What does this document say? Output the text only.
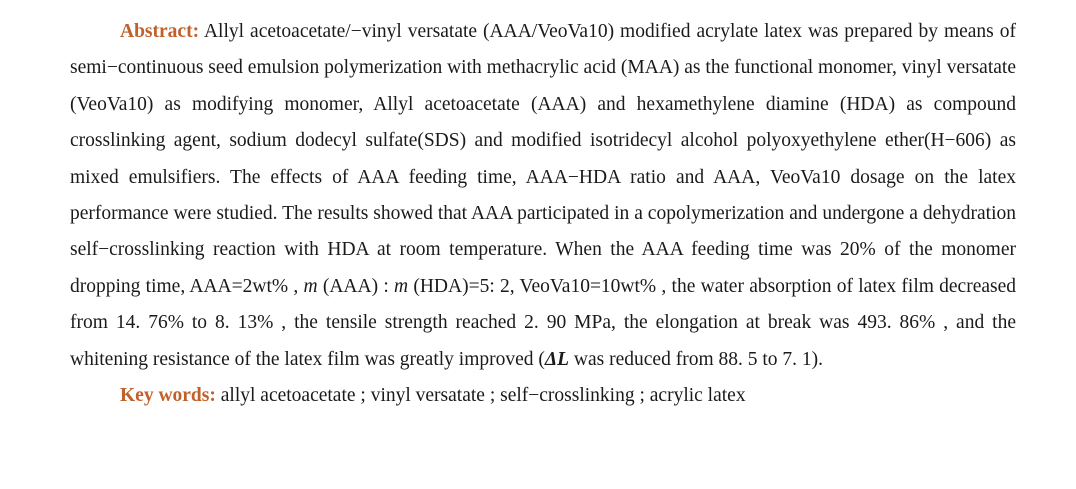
Abstract: Allyl acetoacetate/−vinyl versatate (AAA/VeoVa10) modified acrylate latex was prepared by means of semi−continuous seed emulsion polymerization with methacrylic acid (MAA) as the functional monomer, vinyl versatate (VeoVa10) as modifying monomer, Allyl acetoacetate (AAA) and hexamethylene diamine (HDA) as compound crosslinking agent, sodium dodecyl sulfate(SDS) and modified isotridecyl alcohol polyoxyethylene ether(H−606) as mixed emulsifiers. The effects of AAA feeding time, AAA−HDA ratio and AAA, VeoVa10 dosage on the latex performance were studied. The results showed that AAA participated in a copolymerization and undergone a dehydration self−crosslinking reaction with HDA at room temperature. When the AAA feeding time was 20% of the monomer dropping time, AAA=2wt% , m (AAA) : m (HDA)=5: 2, VeoVa10=10wt% , the water absorption of latex film decreased from 14. 76% to 8. 13% , the tensile strength reached 2. 90 MPa, the elongation at break was 493. 86% , and the whitening resistance of the latex film was greatly improved (ΔL was reduced from 88. 5 to 7. 1).

Key words: allyl acetoacetate ; vinyl versatate ; self−crosslinking ; acrylic latex
